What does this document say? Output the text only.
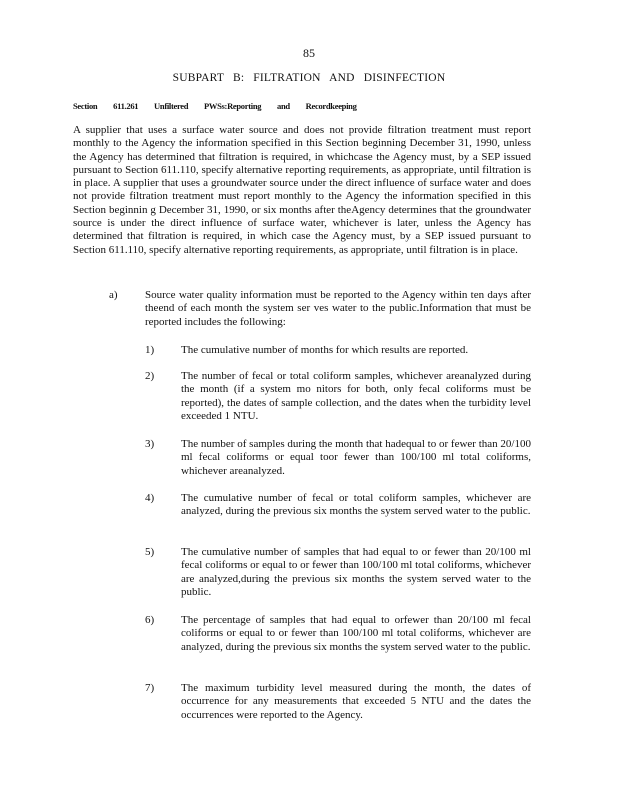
85
SUBPART B: FILTRATION AND DISINFECTION
Section 611.261 Unfiltered PWSs:Reporting and Recordkeeping
A supplier that uses a surface water source and does not provide filtration treatment must report monthly to the Agency the information specified in this Section beginning December 31, 1990, unless the Agency has determined that filtration is required, in whichcase the Agency must, by a SEP issued pursuant to Section 611.110, specify alternative reporting requirements, as appropriate, until filtration is in place. A supplier that uses a groundwater source under the direct influence of surface water and does not provide filtration treatment must report monthly to the Agency the information specified in this Section beginnin g December 31, 1990, or six months after theAgency determines that the groundwater source is under the direct influence of surface water, whichever is later, unless the Agency has determined that filtration is required, in which case the Agency must, by a SEP issued pursuant to Section 611.110, specify alternative reporting requirements, as appropriate, until filtration is in place.
a) Source water quality information must be reported to the Agency within ten days after theend of each month the system ser ves water to the public.Information that must be reported includes the following:
1) The cumulative number of months for which results are reported.
2) The number of fecal or total coliform samples, whichever areanalyzed during the month (if a system mo nitors for both, only fecal coliforms must be reported), the dates of sample collection, and the dates when the turbidity level exceeded 1 NTU.
3) The number of samples during the month that hadequal to or fewer than 20/100 ml fecal coliforms or equal toor fewer than 100/100 ml total coliforms, whichever areanalyzed.
4) The cumulative number of fecal or total coliform samples, whichever are analyzed, during the previous six months the system served water to the public.
5) The cumulative number of samples that had equal to or fewer than 20/100 ml fecal coliforms or equal to or fewer than 100/100 ml total coliforms, whichever are analyzed,during the previous six months the system served water to the public.
6) The percentage of samples that had equal to orfewer than 20/100 ml fecal coliforms or equal to or fewer than 100/100 ml total coliforms, whichever are analyzed, during the previous six months the system served water to the public.
7) The maximum turbidity level measured during the month, the dates of occurrence for any measurements that exceeded 5 NTU and the dates the occurrences were reported to the Agency.
